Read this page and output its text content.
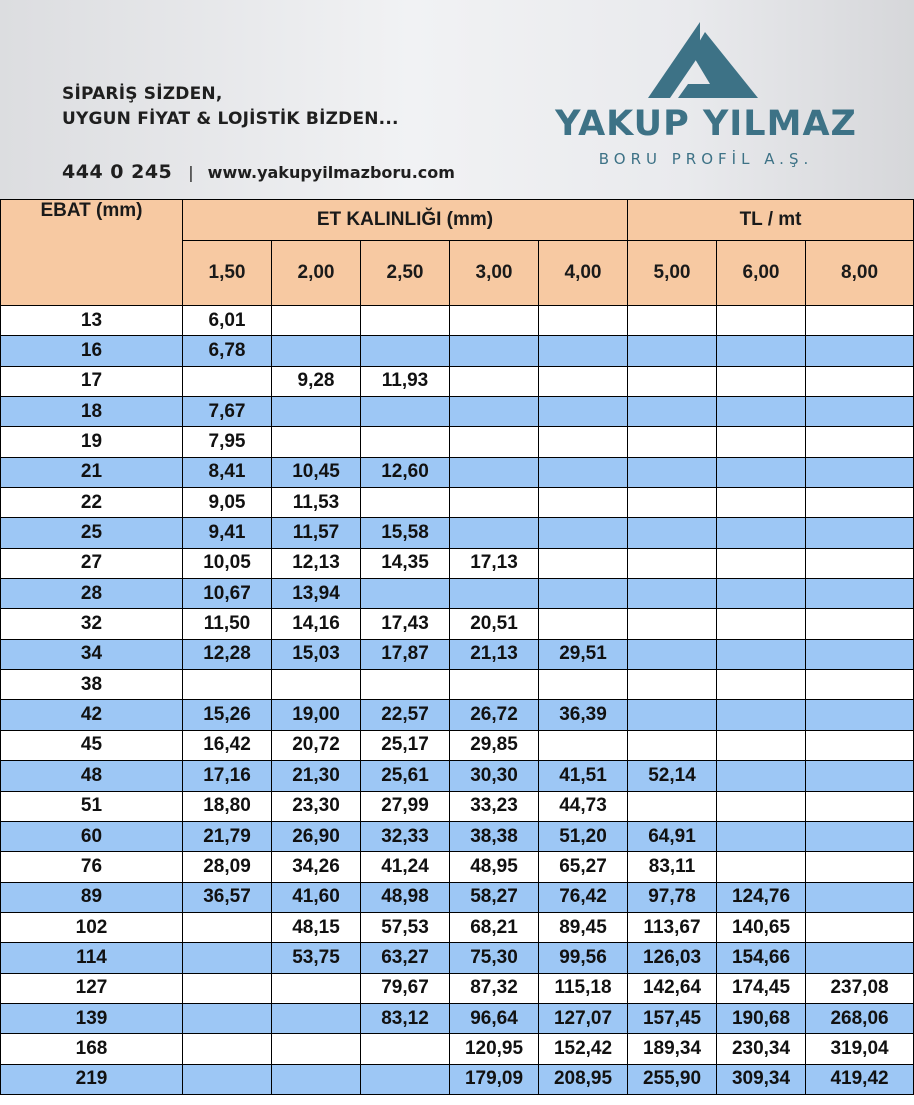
SİPARİŞ SİZDEN,
UYGUN FİYAT & LOJİSTİK BİZDEN...
444 0 245 | www.yakupyilmazboru.com
YAKUP YILMAZ
BORU PROFİL A.Ş.
EBAT (mm)	ET KALINLIĞI (mm)					TL / mt		
	1,50	2,00	2,50	3,00	4,00	5,00	6,00	8,00
13	6,01							
16	6,78							
17		9,28	11,93					
18	7,67							
19	7,95							
21	8,41	10,45	12,60					
22	9,05	11,53						
25	9,41	11,57	15,58					
27	10,05	12,13	14,35	17,13				
28	10,67	13,94						
32	11,50	14,16	17,43	20,51				
34	12,28	15,03	17,87	21,13	29,51			
38								
42	15,26	19,00	22,57	26,72	36,39			
45	16,42	20,72	25,17	29,85				
48	17,16	21,30	25,61	30,30	41,51	52,14		
51	18,80	23,30	27,99	33,23	44,73			
60	21,79	26,90	32,33	38,38	51,20	64,91		
76	28,09	34,26	41,24	48,95	65,27	83,11		
89	36,57	41,60	48,98	58,27	76,42	97,78	124,76	
102		48,15	57,53	68,21	89,45	113,67	140,65	
114		53,75	63,27	75,30	99,56	126,03	154,66	
127			79,67	87,32	115,18	142,64	174,45	237,08
139			83,12	96,64	127,07	157,45	190,68	268,06
168				120,95	152,42	189,34	230,34	319,04
219				179,09	208,95	255,90	309,34	419,42
